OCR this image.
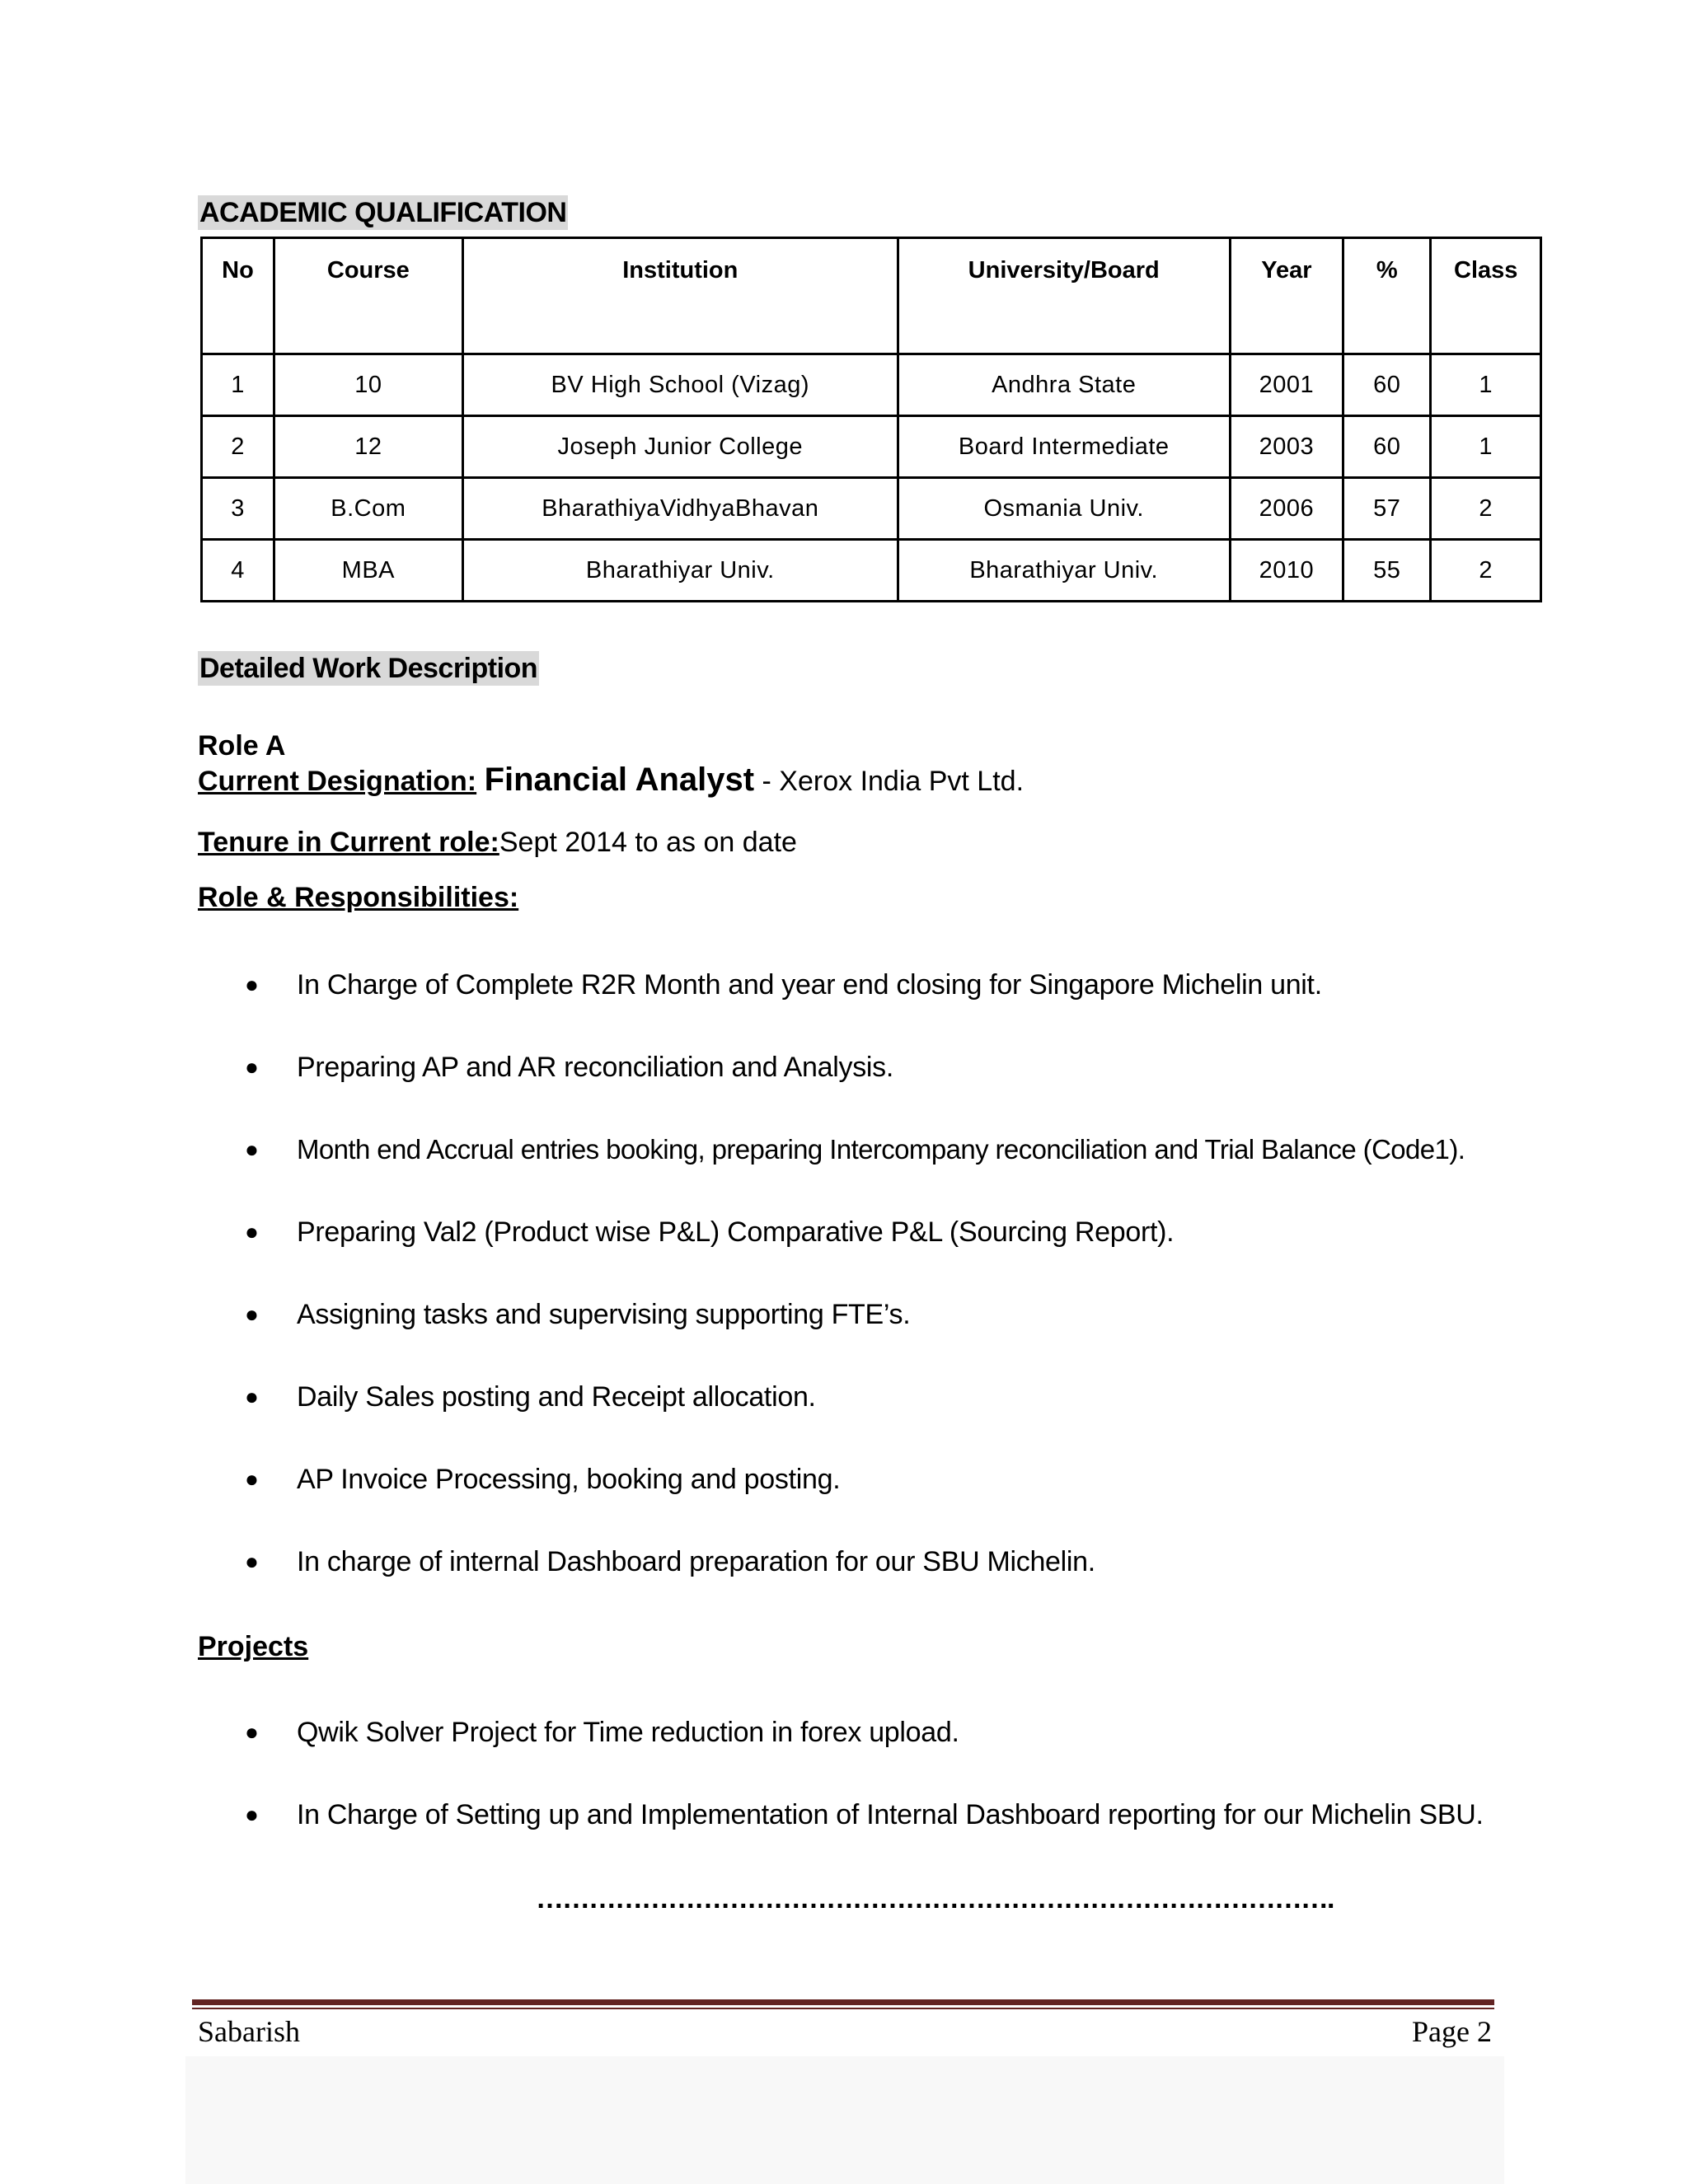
ACADEMIC QUALIFICATION
No	Course	Institution	University/Board	Year	%	Class
1	10	BV High School (Vizag)	Andhra State	2001	60	1
2	12	Joseph Junior College	Board Intermediate	2003	60	1
3	B.Com	BharathiyaVidhyaBhavan	Osmania Univ.	2006	57	2
4	MBA	Bharathiyar Univ.	Bharathiyar Univ.	2010	55	2
Detailed Work Description
Role A
Current Designation: Financial Analyst - Xerox India Pvt Ltd.
Tenure in Current role:Sept 2014 to as on date
Role & Responsibilities:
● In Charge of Complete R2R Month and year end closing for Singapore Michelin unit.
● Preparing AP and AR reconciliation and Analysis.
● Month end Accrual entries booking, preparing Intercompany reconciliation and Trial Balance (Code1).
● Preparing Val2 (Product wise P&L) Comparative P&L (Sourcing Report).
● Assigning tasks and supervising supporting FTE’s.
● Daily Sales posting and Receipt allocation.
● AP Invoice Processing, booking and posting.
● In charge of internal Dashboard preparation for our SBU Michelin.
Projects
● Qwik Solver Project for Time reduction in forex upload.
● In Charge of Setting up and Implementation of Internal Dashboard reporting for our Michelin SBU.
……………………………………………………………………………….
Sabarish	Page 2
